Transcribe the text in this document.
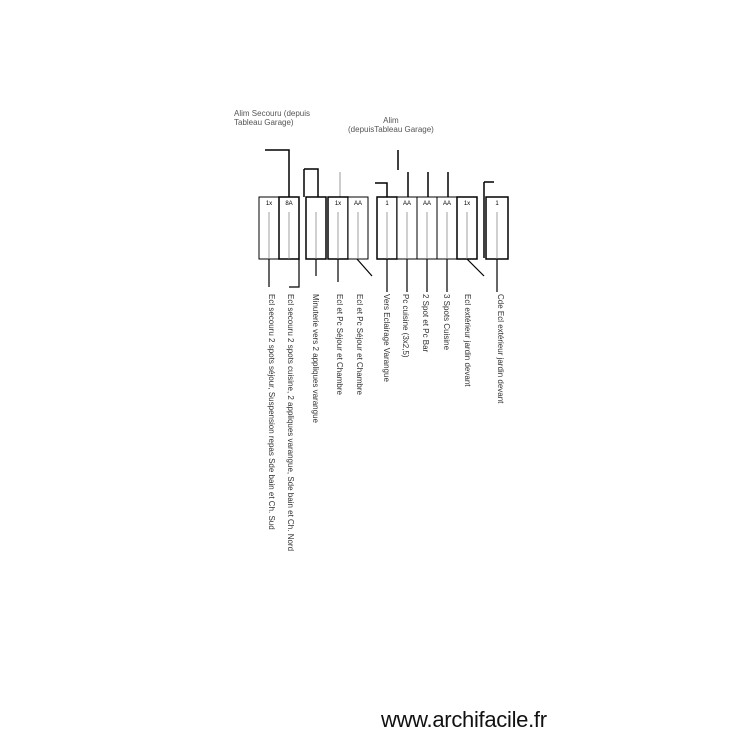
Alim Secouru (depuis
Tableau Garage)	Alim
(depuisTableau Garage)
1x	8A	1x	AA	1	AA	AA	AA	1x	1
Ecl secouru 2 spots séjour, Suspension repas Sde bain et Ch. Sud Ecl secouru 2 spots cuisine, 2 appliques varangue, Sde bain et Ch. Nord Minuterie vers 2 appliques varangue Ecl et Pc Séjour et Chambre Ecl et Pc Séjour et Chambre Vers Eclairage Varangue Pc cuisine (3x2,5) 2 Spot et Pc Bar 3 Spots Cuisine Ecl extérieur jardin devant	Cde Ecl extérieur jardin devant
www.archifacile.fr
